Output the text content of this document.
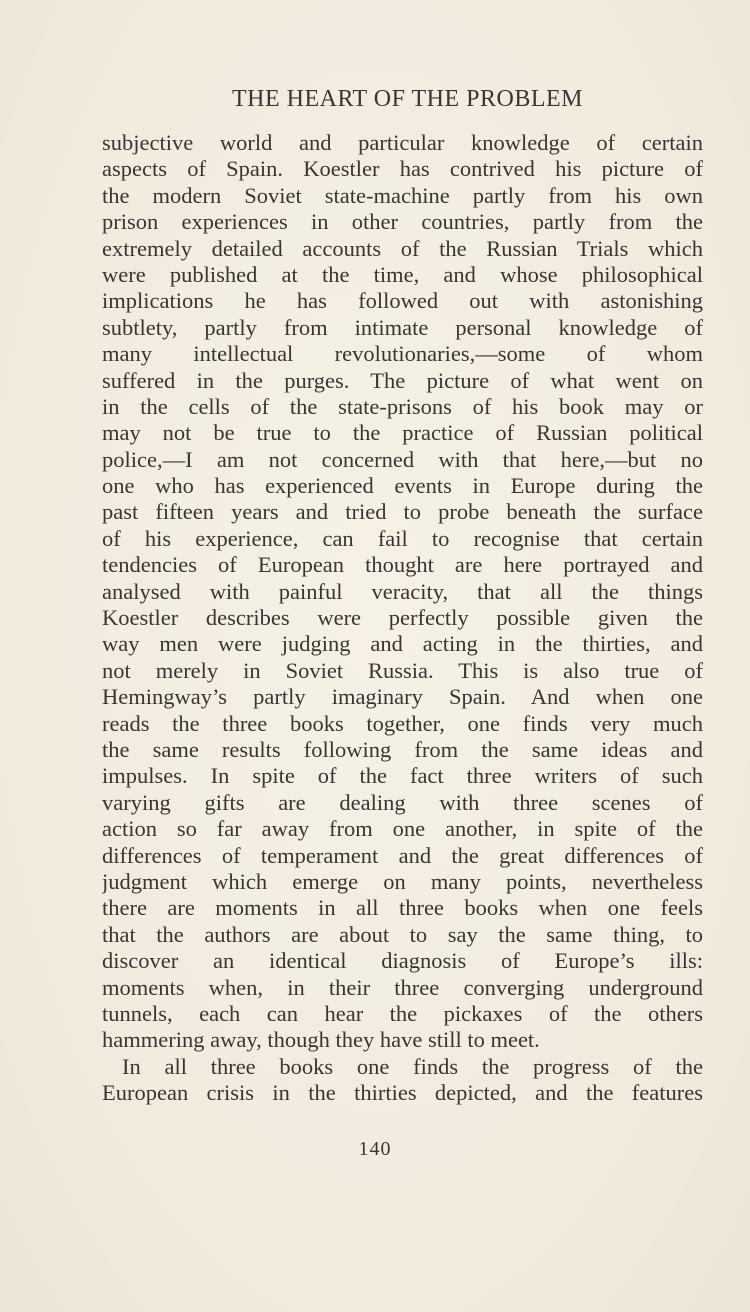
THE HEART OF THE PROBLEM
subjective world and particular knowledge of certain
aspects of Spain. Koestler has contrived his picture of
the modern Soviet state-machine partly from his own
prison experiences in other countries, partly from the
extremely detailed accounts of the Russian Trials which
were published at the time, and whose philosophical
implications he has followed out with astonishing
subtlety, partly from intimate personal knowledge of
many intellectual revolutionaries,—some of whom
suffered in the purges. The picture of what went on
in the cells of the state-prisons of his book may or
may not be true to the practice of Russian political
police,—I am not concerned with that here,—but no
one who has experienced events in Europe during the
past fifteen years and tried to probe beneath the surface
of his experience, can fail to recognise that certain
tendencies of European thought are here portrayed and
analysed with painful veracity, that all the things
Koestler describes were perfectly possible given the
way men were judging and acting in the thirties, and
not merely in Soviet Russia. This is also true of
Hemingway’s partly imaginary Spain. And when one
reads the three books together, one finds very much
the same results following from the same ideas and
impulses. In spite of the fact three writers of such
varying gifts are dealing with three scenes of
action so far away from one another, in spite of the
differences of temperament and the great differences of
judgment which emerge on many points, nevertheless
there are moments in all three books when one feels
that the authors are about to say the same thing, to
discover an identical diagnosis of Europe’s ills:
moments when, in their three converging underground
tunnels, each can hear the pickaxes of the others
hammering away, though they have still to meet.
In all three books one finds the progress of the
European crisis in the thirties depicted, and the features
140
